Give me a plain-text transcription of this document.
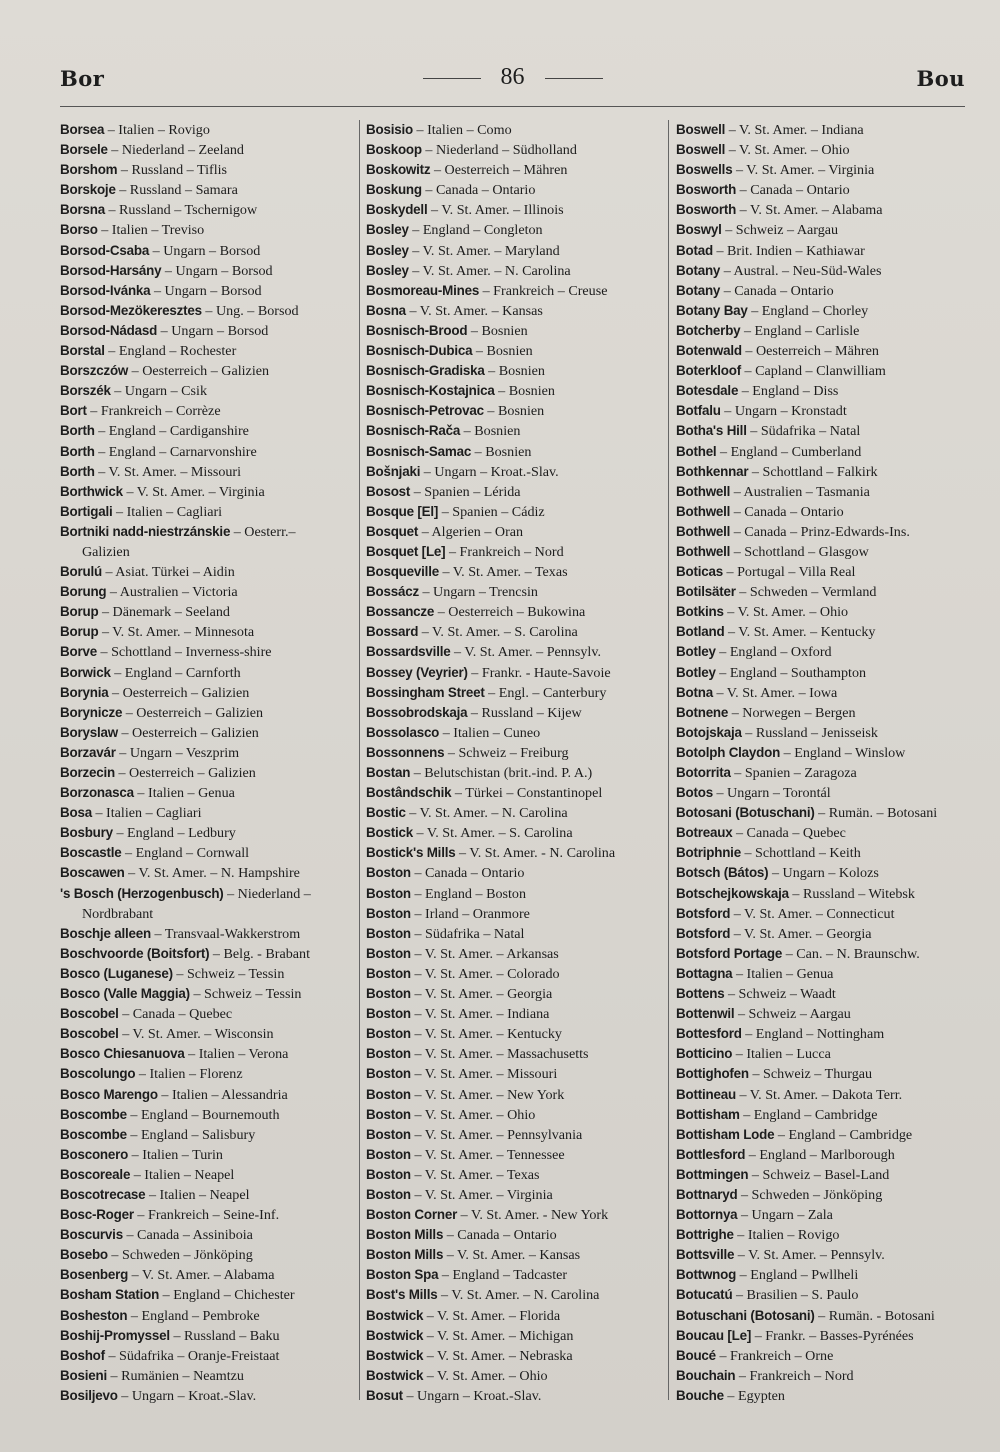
Bor	86	Bou
Borsea – Italien – Rovigo
Borsele – Niederland – Zeeland
Borshom – Russland – Tiflis
Borskoje – Russland – Samara
Borsna – Russland – Tschernigow
Borso – Italien – Treviso
Borsod-Csaba – Ungarn – Borsod
Borsod-Harsány – Ungarn – Borsod
Borsod-Ivánka – Ungarn – Borsod
Borsod-Mezökeresztes – Ung. – Borsod
Borsod-Nádasd – Ungarn – Borsod
Borstal – England – Rochester
Borszczów – Oesterreich – Galizien
Borszék – Ungarn – Csik
Bort – Frankreich – Corrèze
Borth – England – Cardiganshire
Borth – England – Carnarvonshire
Borth – V. St. Amer. – Missouri
Borthwick – V. St. Amer. – Virginia
Bortigali – Italien – Cagliari
Bortniki nadd-niestrzánskie – Oesterr.–
Galizien
Borulú – Asiat. Türkei – Aidin
Borung – Australien – Victoria
Borup – Dänemark – Seeland
Borup – V. St. Amer. – Minnesota
Borve – Schottland – Inverness-shire
Borwick – England – Carnforth
Borynia – Oesterreich – Galizien
Borynicze – Oesterreich – Galizien
Boryslaw – Oesterreich – Galizien
Borzavár – Ungarn – Veszprim
Borzecin – Oesterreich – Galizien
Borzonasca – Italien – Genua
Bosa – Italien – Cagliari
Bosbury – England – Ledbury
Boscastle – England – Cornwall
Boscawen – V. St. Amer. – N. Hampshire
's Bosch (Herzogenbusch) – Niederland –
Nordbrabant
Boschje alleen – Transvaal-Wakkerstrom
Boschvoorde (Boitsfort) – Belg. - Brabant
Bosco (Luganese) – Schweiz – Tessin
Bosco (Valle Maggia) – Schweiz – Tessin
Boscobel – Canada – Quebec
Boscobel – V. St. Amer. – Wisconsin
Bosco Chiesanuova – Italien – Verona
Boscolungo – Italien – Florenz
Bosco Marengo – Italien – Alessandria
Boscombe – England – Bournemouth
Boscombe – England – Salisbury
Bosconero – Italien – Turin
Boscoreale – Italien – Neapel
Boscotrecase – Italien – Neapel
Bosc-Roger – Frankreich – Seine-Inf.
Boscurvis – Canada – Assiniboia
Bosebo – Schweden – Jönköping
Bosenberg – V. St. Amer. – Alabama
Bosham Station – England – Chichester
Bosheston – England – Pembroke
Boshij-Promyssel – Russland – Baku
Boshof – Südafrika – Oranje-Freistaat
Bosieni – Rumänien – Neamtzu
Bosiljevo – Ungarn – Kroat.-Slav.
Bosisio – Italien – Como
Boskoop – Niederland – Südholland
Boskowitz – Oesterreich – Mähren
Boskung – Canada – Ontario
Boskydell – V. St. Amer. – Illinois
Bosley – England – Congleton
Bosley – V. St. Amer. – Maryland
Bosley – V. St. Amer. – N. Carolina
Bosmoreau-Mines – Frankreich – Creuse
Bosna – V. St. Amer. – Kansas
Bosnisch-Brood – Bosnien
Bosnisch-Dubica – Bosnien
Bosnisch-Gradiska – Bosnien
Bosnisch-Kostajnica – Bosnien
Bosnisch-Petrovac – Bosnien
Bosnisch-Rača – Bosnien
Bosnisch-Samac – Bosnien
Bošnjaki – Ungarn – Kroat.-Slav.
Bosost – Spanien – Lérida
Bosque [El] – Spanien – Cádiz
Bosquet – Algerien – Oran
Bosquet [Le] – Frankreich – Nord
Bosqueville – V. St. Amer. – Texas
Bossácz – Ungarn – Trencsin
Bossancze – Oesterreich – Bukowina
Bossard – V. St. Amer. – S. Carolina
Bossardsville – V. St. Amer. – Pennsylv.
Bossey (Veyrier) – Frankr. - Haute-Savoie
Bossingham Street – Engl. – Canterbury
Bossobrodskaja – Russland – Kijew
Bossolasco – Italien – Cuneo
Bossonnens – Schweiz – Freiburg
Bostan – Belutschistan (brit.-ind. P. A.)
Bostândschik – Türkei – Constantinopel
Bostic – V. St. Amer. – N. Carolina
Bostick – V. St. Amer. – S. Carolina
Bostick's Mills – V. St. Amer. - N. Carolina
Boston – Canada – Ontario
Boston – England – Boston
Boston – Irland – Oranmore
Boston – Südafrika – Natal
Boston – V. St. Amer. – Arkansas
Boston – V. St. Amer. – Colorado
Boston – V. St. Amer. – Georgia
Boston – V. St. Amer. – Indiana
Boston – V. St. Amer. – Kentucky
Boston – V. St. Amer. – Massachusetts
Boston – V. St. Amer. – Missouri
Boston – V. St. Amer. – New York
Boston – V. St. Amer. – Ohio
Boston – V. St. Amer. – Pennsylvania
Boston – V. St. Amer. – Tennessee
Boston – V. St. Amer. – Texas
Boston – V. St. Amer. – Virginia
Boston Corner – V. St. Amer. - New York
Boston Mills – Canada – Ontario
Boston Mills – V. St. Amer. – Kansas
Boston Spa – England – Tadcaster
Bost's Mills – V. St. Amer. – N. Carolina
Bostwick – V. St. Amer. – Florida
Bostwick – V. St. Amer. – Michigan
Bostwick – V. St. Amer. – Nebraska
Bostwick – V. St. Amer. – Ohio
Bosut – Ungarn – Kroat.-Slav.
Boswell – V. St. Amer. – Indiana
Boswell – V. St. Amer. – Ohio
Boswells – V. St. Amer. – Virginia
Bosworth – Canada – Ontario
Bosworth – V. St. Amer. – Alabama
Boswyl – Schweiz – Aargau
Botad – Brit. Indien – Kathiawar
Botany – Austral. – Neu-Süd-Wales
Botany – Canada – Ontario
Botany Bay – England – Chorley
Botcherby – England – Carlisle
Botenwald – Oesterreich – Mähren
Boterkloof – Capland – Clanwilliam
Botesdale – England – Diss
Botfalu – Ungarn – Kronstadt
Botha's Hill – Südafrika – Natal
Bothel – England – Cumberland
Bothkennar – Schottland – Falkirk
Bothwell – Australien – Tasmania
Bothwell – Canada – Ontario
Bothwell – Canada – Prinz-Edwards-Ins.
Bothwell – Schottland – Glasgow
Boticas – Portugal – Villa Real
Botilsäter – Schweden – Vermland
Botkins – V. St. Amer. – Ohio
Botland – V. St. Amer. – Kentucky
Botley – England – Oxford
Botley – England – Southampton
Botna – V. St. Amer. – Iowa
Botnene – Norwegen – Bergen
Botojskaja – Russland – Jenisseisk
Botolph Claydon – England – Winslow
Botorrita – Spanien – Zaragoza
Botos – Ungarn – Torontál
Botosani (Botuschani) – Rumän. – Botosani
Botreaux – Canada – Quebec
Botriphnie – Schottland – Keith
Botsch (Bátos) – Ungarn – Kolozs
Botschejkowskaja – Russland – Witebsk
Botsford – V. St. Amer. – Connecticut
Botsford – V. St. Amer. – Georgia
Botsford Portage – Can. – N. Braunschw.
Bottagna – Italien – Genua
Bottens – Schweiz – Waadt
Bottenwil – Schweiz – Aargau
Bottesford – England – Nottingham
Botticino – Italien – Lucca
Bottighofen – Schweiz – Thurgau
Bottineau – V. St. Amer. – Dakota Terr.
Bottisham – England – Cambridge
Bottisham Lode – England – Cambridge
Bottlesford – England – Marlborough
Bottmingen – Schweiz – Basel-Land
Bottnaryd – Schweden – Jönköping
Bottornya – Ungarn – Zala
Bottrighe – Italien – Rovigo
Bottsville – V. St. Amer. – Pennsylv.
Bottwnog – England – Pwllheli
Botucatú – Brasilien – S. Paulo
Botuschani (Botosani) – Rumän. - Botosani
Boucau [Le] – Frankr. – Basses-Pyrénées
Boucé – Frankreich – Orne
Bouchain – Frankreich – Nord
Bouche – Egypten
